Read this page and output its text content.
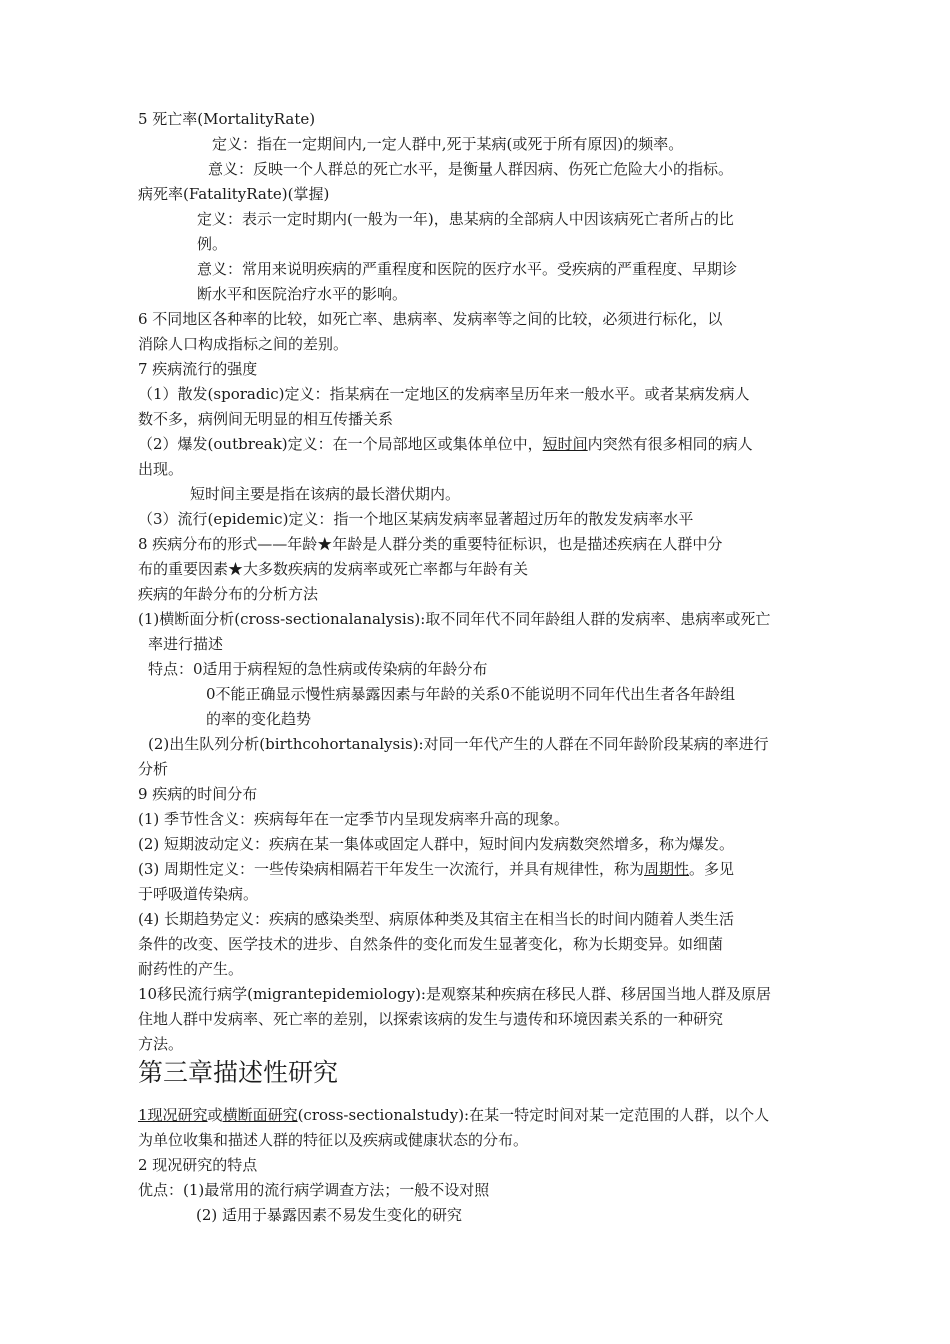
5 死亡率(MortalityRate)
定义：指在一定期间内,一定人群中,死于某病(或死于所有原因)的频率。
意义：反映一个人群总的死亡水平，是衡量人群因病、伤死亡危险大小的指标。
病死率(FatalityRate)(掌握)
定义：表示一定时期内(一般为一年)，患某病的全部病人中因该病死亡者所占的比
例。
意义：常用来说明疾病的严重程度和医院的医疗水平。受疾病的严重程度、早期诊
断水平和医院治疗水平的影响。
6 不同地区各种率的比较，如死亡率、患病率、发病率等之间的比较，必须进行标化，以
消除人口构成指标之间的差别。
7 疾病流行的强度
（1）散发(sporadic)定义：指某病在一定地区的发病率呈历年来一般水平。或者某病发病人
数不多，病例间无明显的相互传播关系
（2）爆发(outbreak)定义：在一个局部地区或集体单位中，短时间内突然有很多相同的病人
出现。
短时间主要是指在该病的最长潜伏期内。
（3）流行(epidemic)定义：指一个地区某病发病率显著超过历年的散发发病率水平
8 疾病分布的形式——年龄★年龄是人群分类的重要特征标识，也是描述疾病在人群中分
布的重要因素★大多数疾病的发病率或死亡率都与年龄有关
疾病的年龄分布的分析方法
(1)横断面分析(cross-sectionalanalysis):取不同年代不同年龄组人群的发病率、患病率或死亡
率进行描述
特点：0适用于病程短的急性病或传染病的年龄分布
0不能正确显示慢性病暴露因素与年龄的关系0不能说明不同年代出生者各年龄组
的率的变化趋势
(2)出生队列分析(birthcohortanalysis):对同一年代产生的人群在不同年龄阶段某病的率进行
分析
9 疾病的时间分布
(1) 季节性含义：疾病每年在一定季节内呈现发病率升高的现象。
(2) 短期波动定义：疾病在某一集体或固定人群中，短时间内发病数突然增多，称为爆发。
(3) 周期性定义：一些传染病相隔若干年发生一次流行，并具有规律性，称为周期性。多见
于呼吸道传染病。
(4) 长期趋势定义：疾病的感染类型、病原体种类及其宿主在相当长的时间内随着人类生活
条件的改变、医学技术的进步、自然条件的变化而发生显著变化，称为长期变异。如细菌
耐药性的产生。
10移民流行病学(migrantepidemiology):是观察某种疾病在移民人群、移居国当地人群及原居
住地人群中发病率、死亡率的差别，以探索该病的发生与遗传和环境因素关系的一种研究
方法。
第三章描述性研究
1现况研究或横断面研究(cross-sectionalstudy):在某一特定时间对某一定范围的人群，以个人
为单位收集和描述人群的特征以及疾病或健康状态的分布。
2 现况研究的特点
优点：(1)最常用的流行病学调查方法；一般不设对照
(2) 适用于暴露因素不易发生变化的研究
